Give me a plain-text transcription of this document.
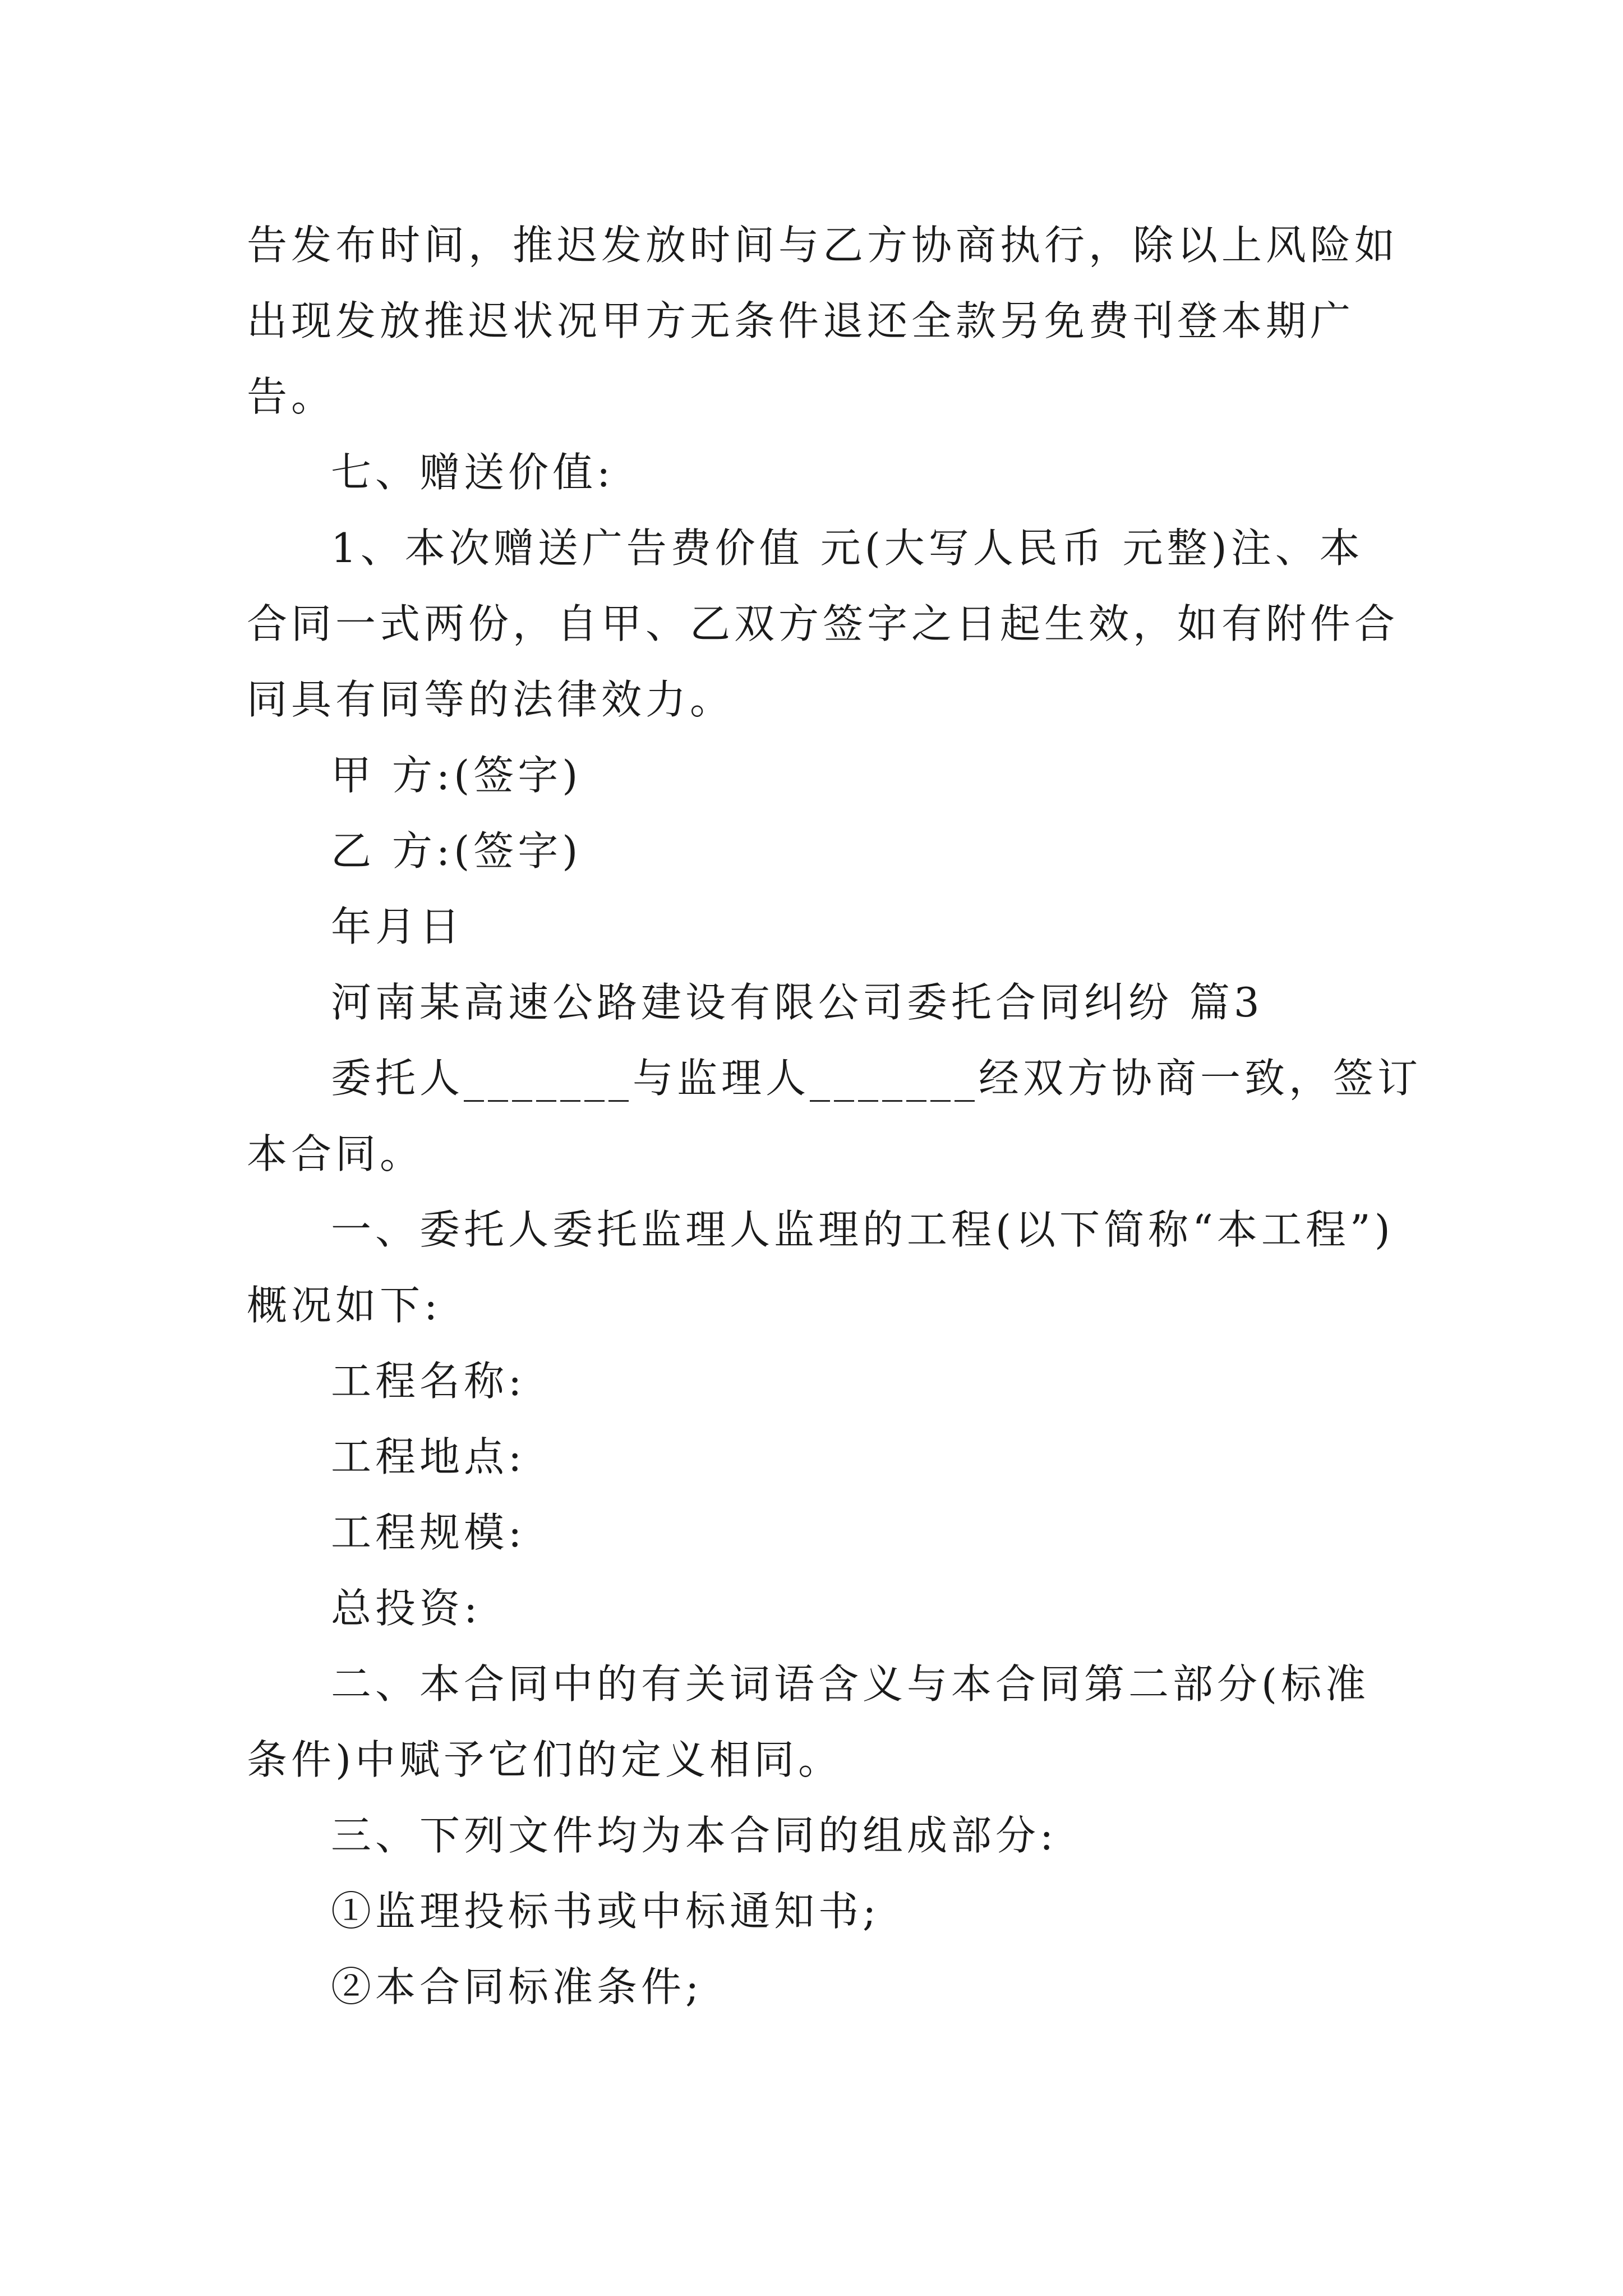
告发布时间，推迟发放时间与乙方协商执行，除以上风险如
出现发放推迟状况甲方无条件退还全款另免费刊登本期广
告。
七、赠送价值:
1、本次赠送广告费价值 元(大写人民币 元整)注、本
合同一式两份，自甲、乙双方签字之日起生效，如有附件合
同具有同等的法律效力。
甲 方:(签字)
乙 方:(签字)
年月日
河南某高速公路建设有限公司委托合同纠纷 篇3
委托人_______与监理人_______经双方协商一致，签订
本合同。
一、委托人委托监理人监理的工程(以下简称“本工程”)
概况如下:
工程名称:
工程地点:
工程规模:
总投资:
二、本合同中的有关词语含义与本合同第二部分(标准
条件)中赋予它们的定义相同。
三、下列文件均为本合同的组成部分:
①监理投标书或中标通知书;
②本合同标准条件;
